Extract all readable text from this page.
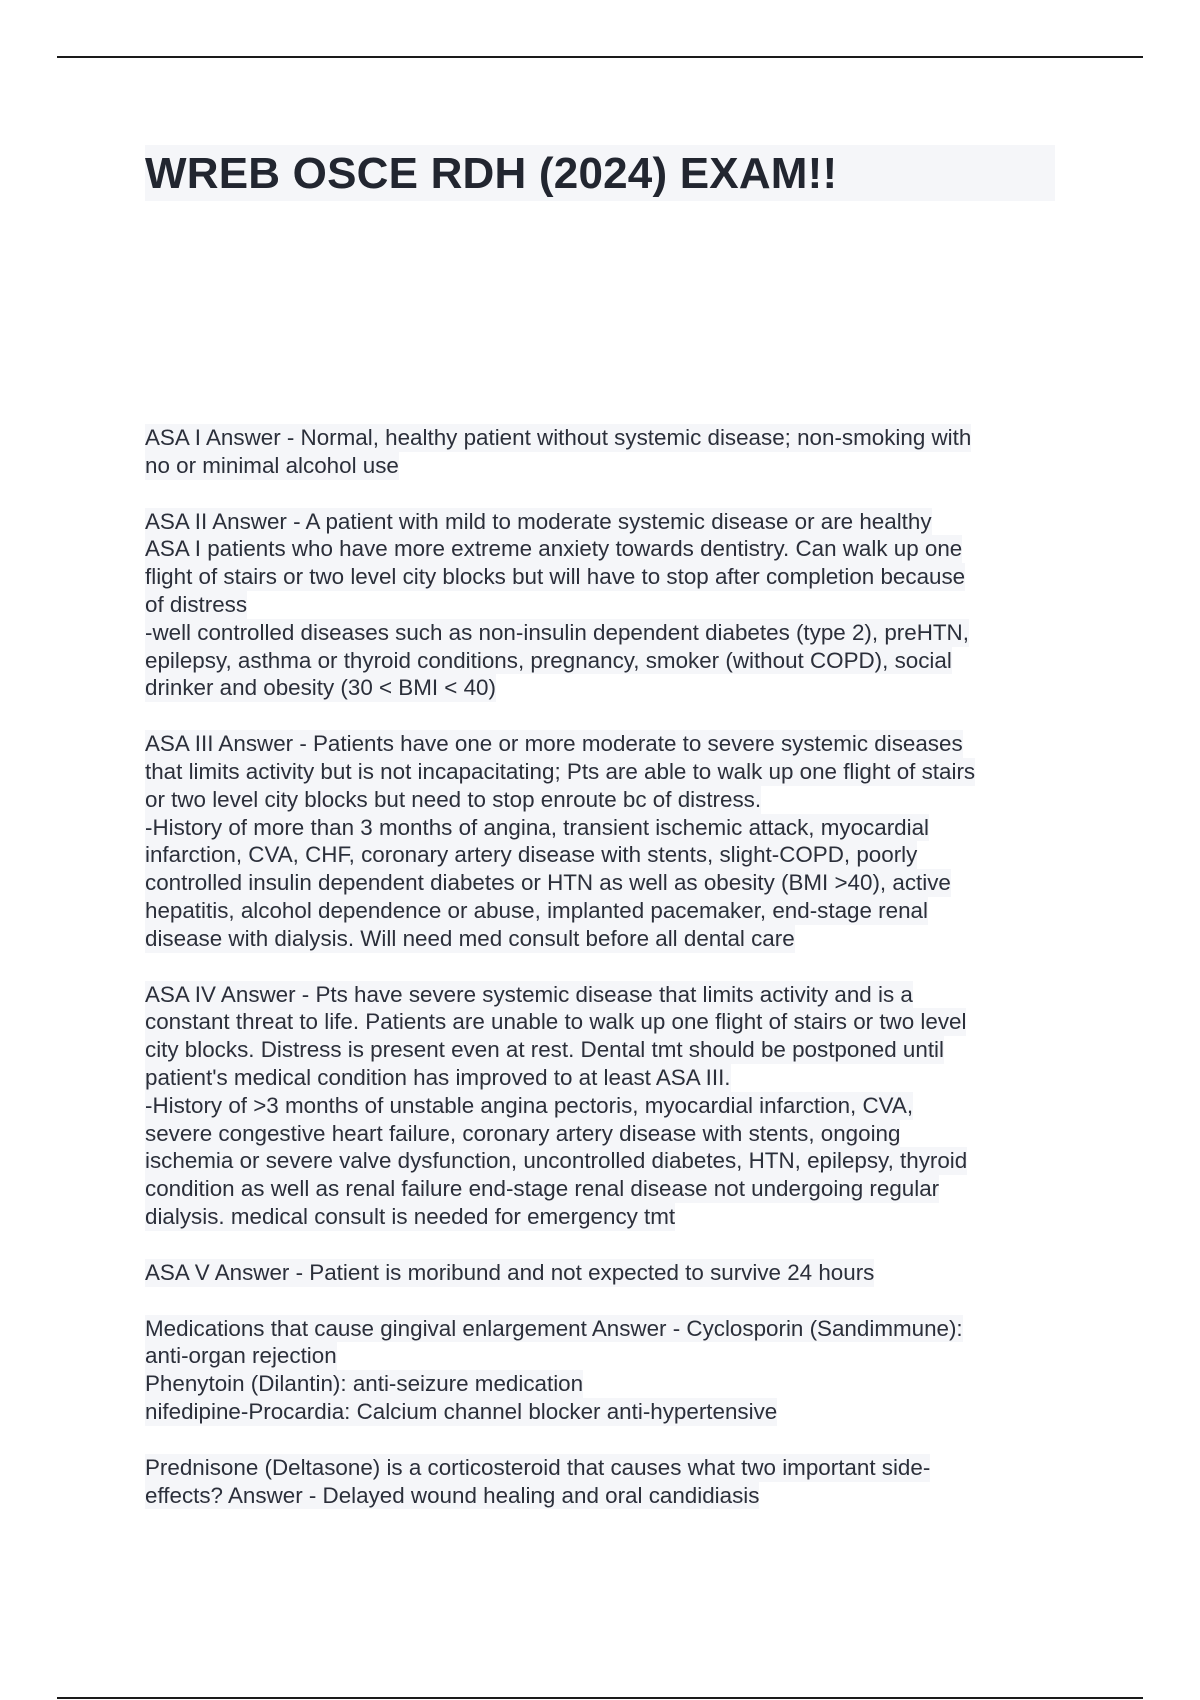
WREB OSCE RDH (2024) EXAM!!
ASA I Answer - Normal, healthy patient without systemic disease; non-smoking with
no or minimal alcohol use
ASA II Answer - A patient with mild to moderate systemic disease or are healthy
ASA I patients who have more extreme anxiety towards dentistry. Can walk up one
flight of stairs or two level city blocks but will have to stop after completion because
of distress
-well controlled diseases such as non-insulin dependent diabetes (type 2), preHTN,
epilepsy, asthma or thyroid conditions, pregnancy, smoker (without COPD), social
drinker and obesity (30 < BMI < 40)
ASA III Answer - Patients have one or more moderate to severe systemic diseases
that limits activity but is not incapacitating; Pts are able to walk up one flight of stairs
or two level city blocks but need to stop enroute bc of distress.
-History of more than 3 months of angina, transient ischemic attack, myocardial
infarction, CVA, CHF, coronary artery disease with stents, slight-COPD, poorly
controlled insulin dependent diabetes or HTN as well as obesity (BMI >40), active
hepatitis, alcohol dependence or abuse, implanted pacemaker, end-stage renal
disease with dialysis. Will need med consult before all dental care
ASA IV Answer - Pts have severe systemic disease that limits activity and is a
constant threat to life. Patients are unable to walk up one flight of stairs or two level
city blocks. Distress is present even at rest. Dental tmt should be postponed until
patient's medical condition has improved to at least ASA III.
-History of >3 months of unstable angina pectoris, myocardial infarction, CVA,
severe congestive heart failure, coronary artery disease with stents, ongoing
ischemia or severe valve dysfunction, uncontrolled diabetes, HTN, epilepsy, thyroid
condition as well as renal failure end-stage renal disease not undergoing regular
dialysis. medical consult is needed for emergency tmt
ASA V Answer - Patient is moribund and not expected to survive 24 hours
Medications that cause gingival enlargement Answer - Cyclosporin (Sandimmune):
anti-organ rejection
Phenytoin (Dilantin): anti-seizure medication
nifedipine-Procardia: Calcium channel blocker anti-hypertensive
Prednisone (Deltasone) is a corticosteroid that causes what two important side-
effects? Answer - Delayed wound healing and oral candidiasis
